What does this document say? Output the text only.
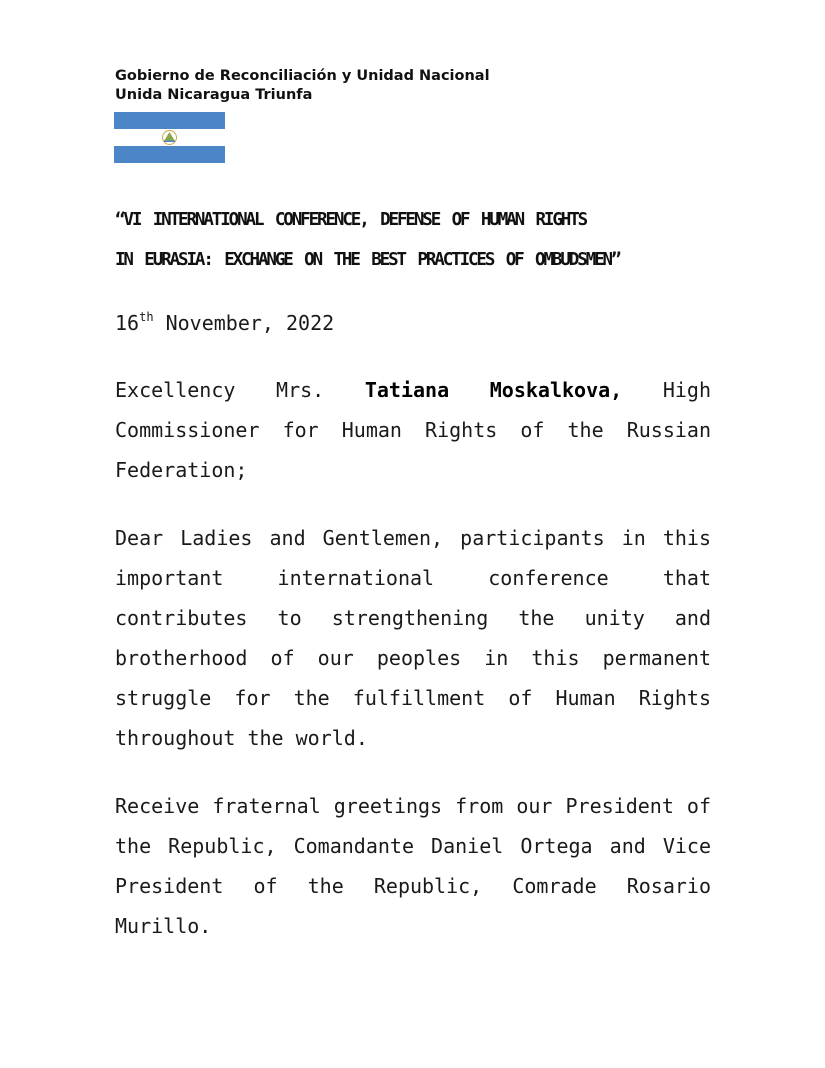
Gobierno de Reconciliación y Unidad Nacional
Unida Nicaragua Triunfa
“VI INTERNATIONAL CONFERENCE, DEFENSE OF HUMAN RIGHTS
IN EURASIA: EXCHANGE ON THE BEST PRACTICES OF OMBUDSMEN”
16th November, 2022
Excellency Mrs. Tatiana Moskalkova, High Commissioner for Human Rights of the Russian Federation;
Dear Ladies and Gentlemen, participants in this important international conference that contributes to strengthening the unity and brotherhood of our peoples in this permanent struggle for the fulfillment of Human Rights throughout the world.
Receive fraternal greetings from our President of the Republic, Comandante Daniel Ortega and Vice President of the Republic, Comrade Rosario Murillo.
